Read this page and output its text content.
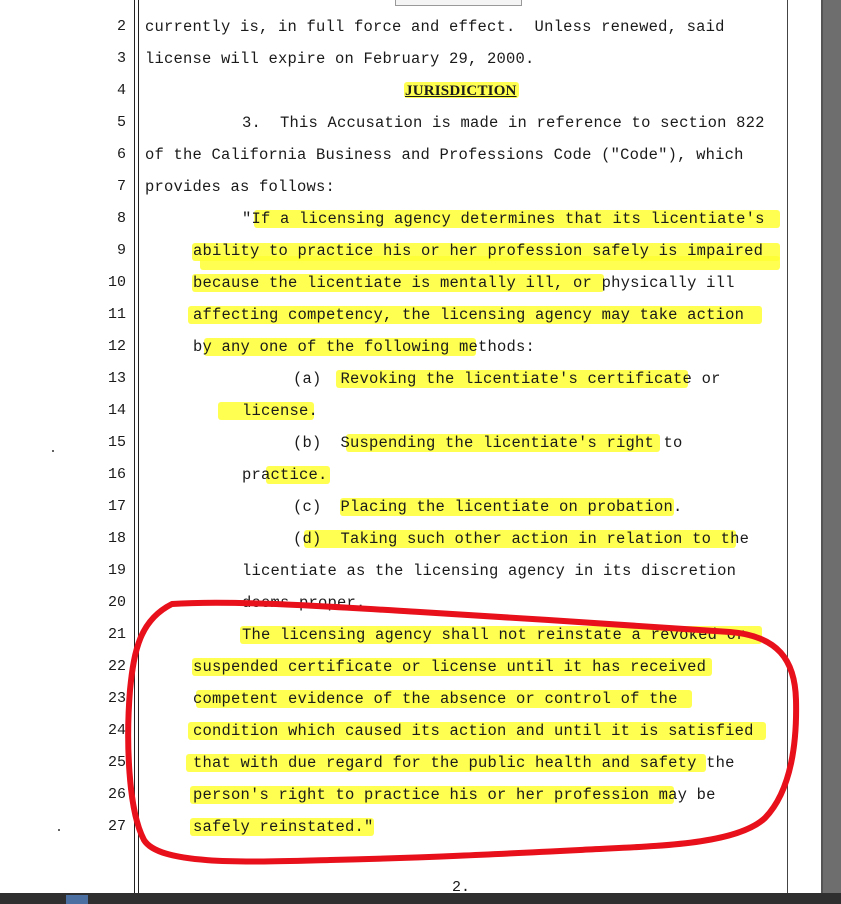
2
3
4
5
6
7
8
9
10
11
12
13
14
15
16
17
18
19
20
21
22
23
24
25
26
27
currently is, in full force and effect.  Unless renewed, said
license will expire on February 29, 2000.
JURISDICTION
3.  This Accusation is made in reference to section 822
of the California Business and Professions Code ("Code"), which
provides as follows:
"If a licensing agency determines that its licentiate's
ability to practice his or her profession safely is impaired
because the licentiate is mentally ill, or physically ill
affecting competency, the licensing agency may take action
by any one of the following methods:
(a)  Revoking the licentiate's certificate or
license.
(b)  Suspending the licentiate's right to
practice.
(c)  Placing the licentiate on probation.
(d)  Taking such other action in relation to the
licentiate as the licensing agency in its discretion
deems proper.
The licensing agency shall not reinstate a revoked or
suspended certificate or license until it has received
competent evidence of the absence or control of the
condition which caused its action and until it is satisfied
that with due regard for the public health and safety the
person's right to practice his or her profession may be
safely reinstated."
2.
